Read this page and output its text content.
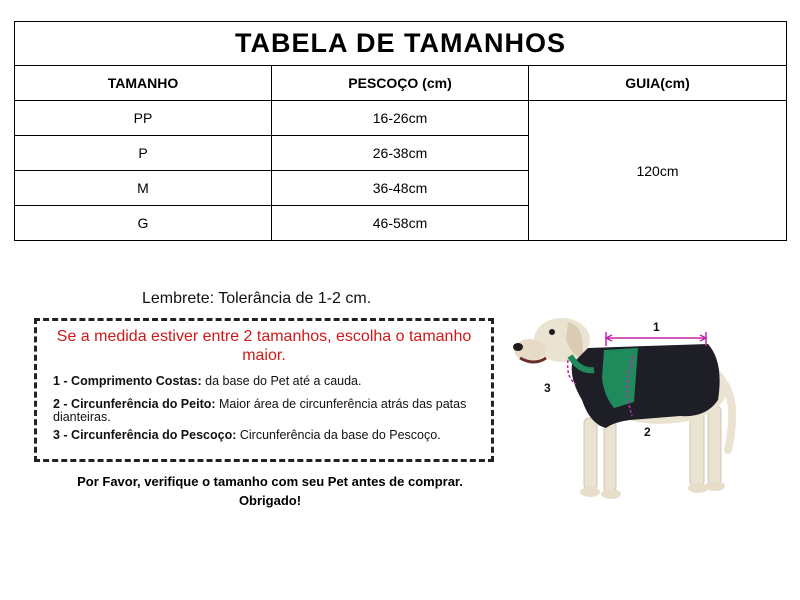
TABELA DE TAMANHOS		
TAMANHO	PESCOÇO (cm)	GUIA(cm)
PP	16-26cm	120cm
P	26-38cm	
M	36-48cm	
G	46-58cm	
Lembrete: Tolerância de 1-2 cm.
Se a medida estiver entre 2 tamanhos, escolha o tamanho maior.
1 - Comprimento Costas: da base do Pet até a cauda.
2 - Circunferência do Peito: Maior área de circunferência atrás das patas dianteiras.
3 - Circunferência do Pescoço: Circunferência da base do Pescoço.
Por Favor, verifique o tamanho com seu Pet antes de comprar.
Obrigado!
1
2
3
